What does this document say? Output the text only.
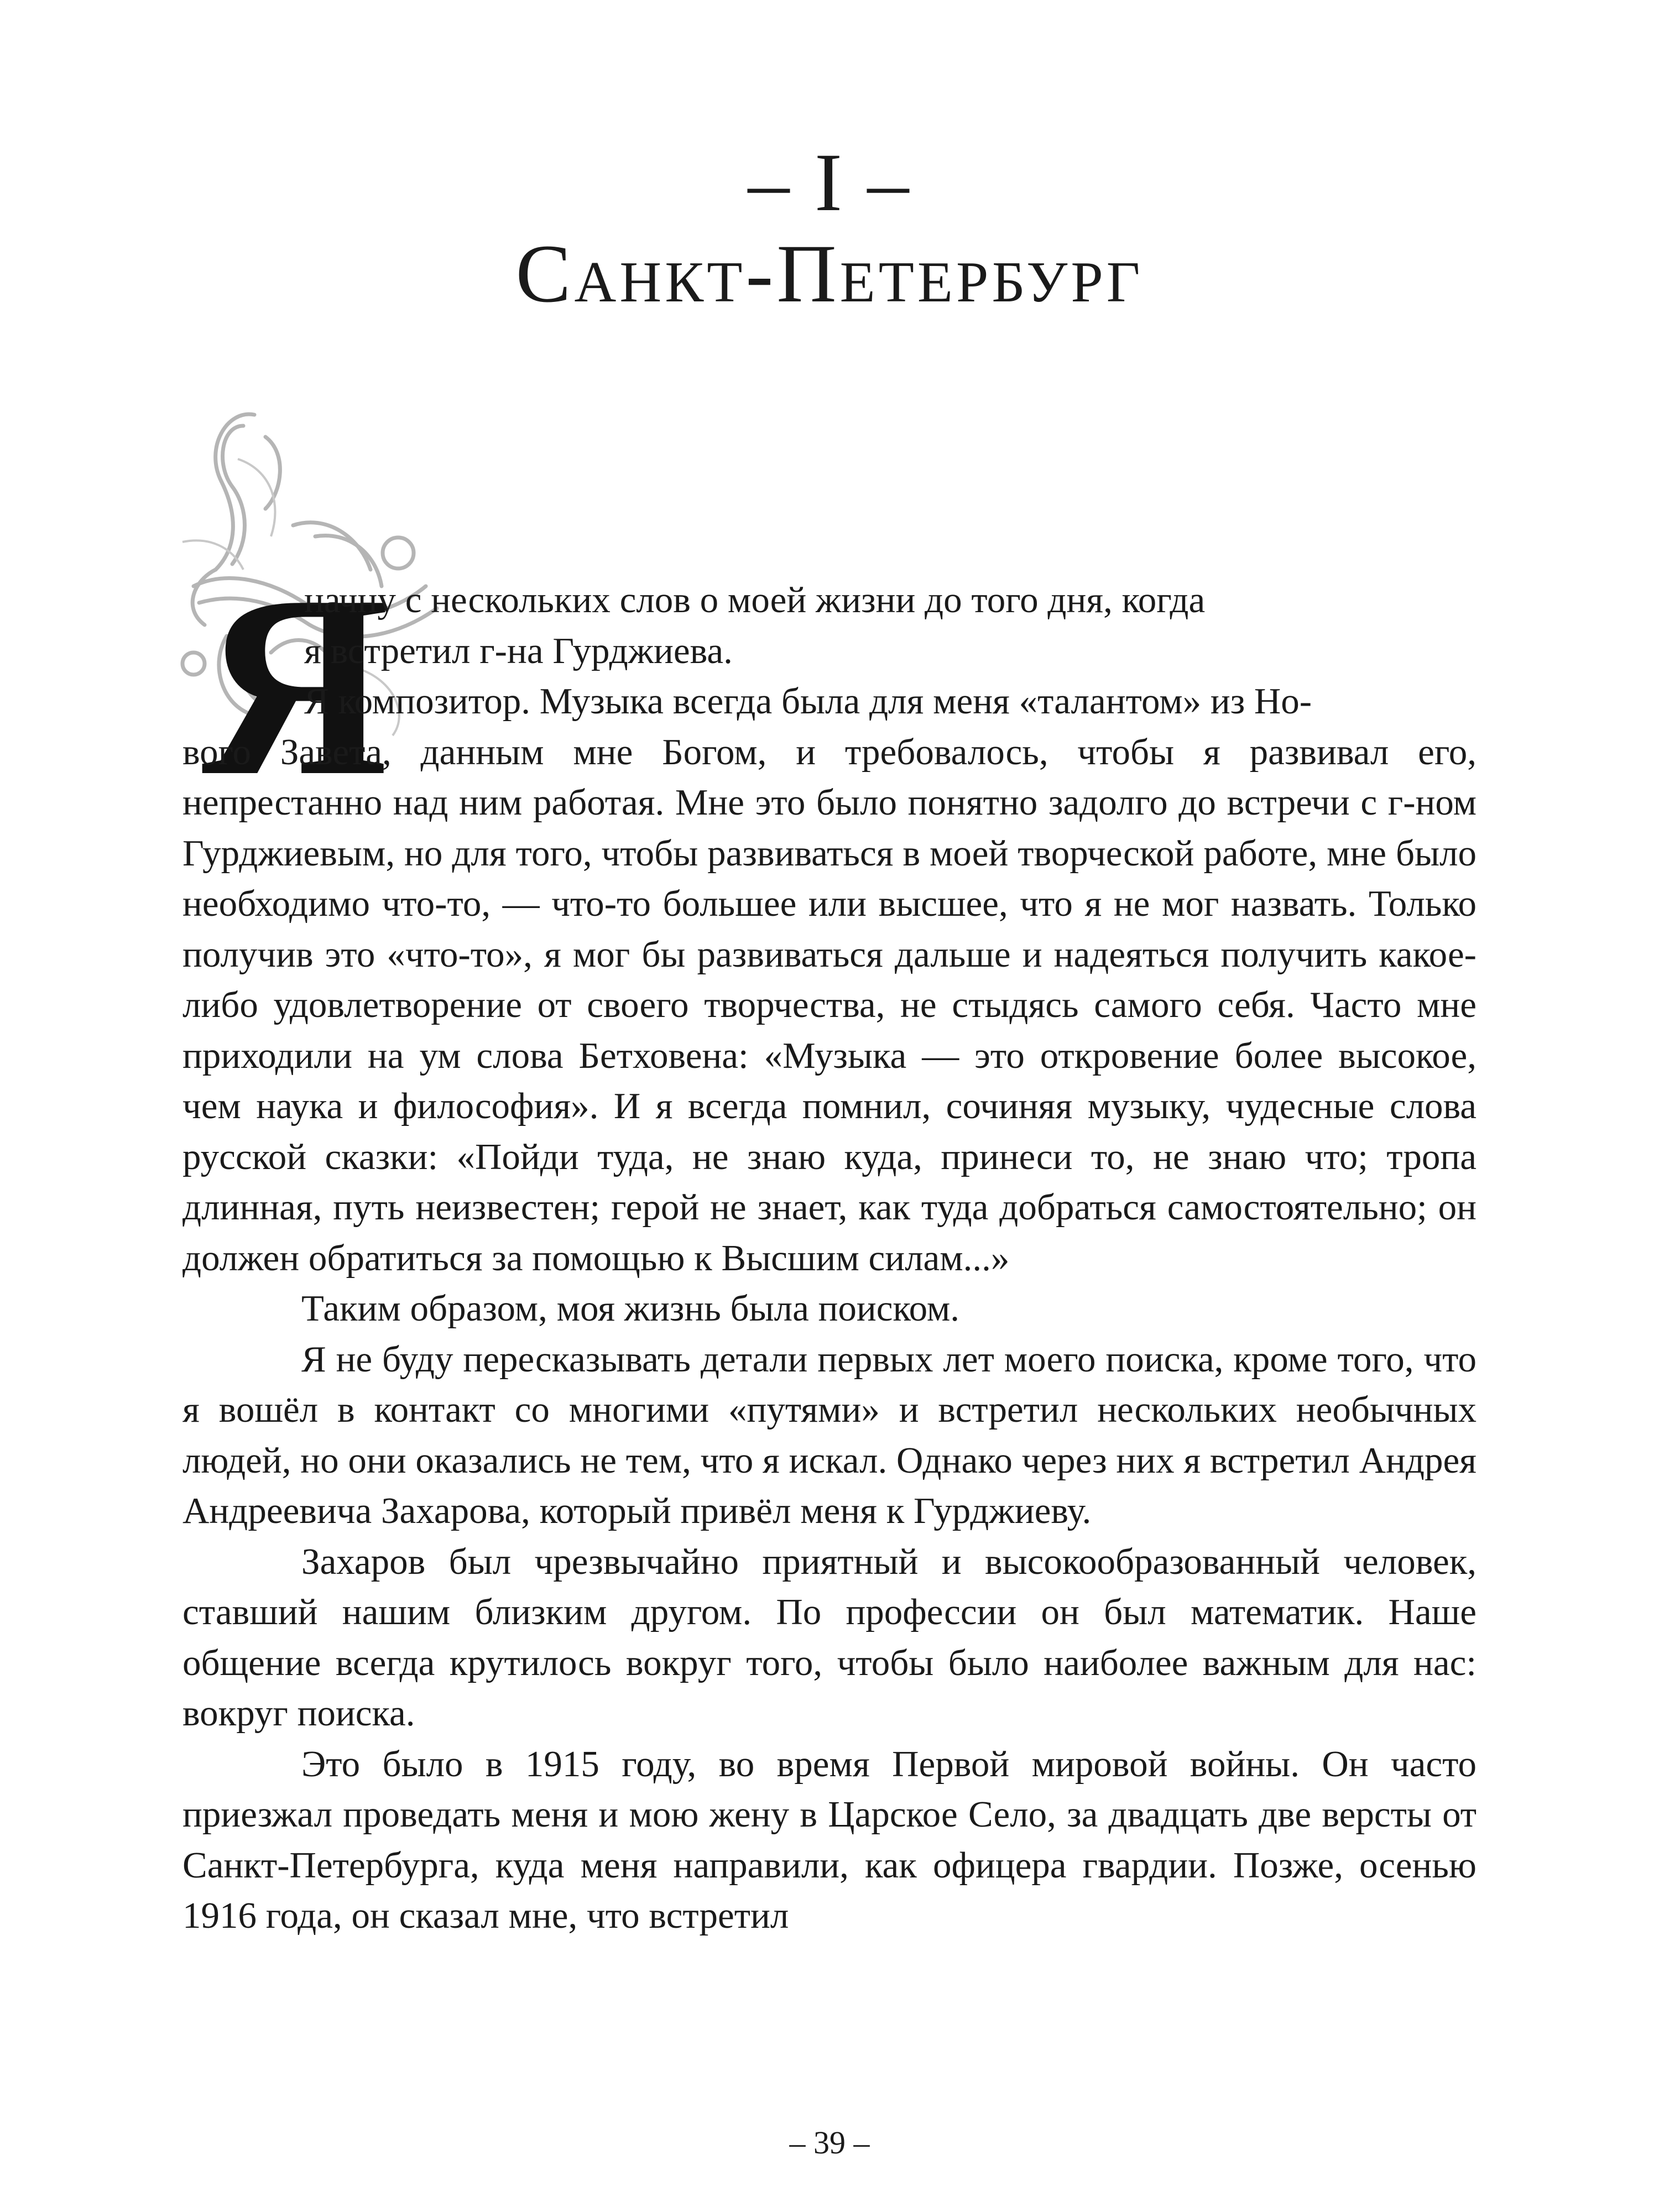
– I –
Санкт-Петербург
Я

начну с нескольких слов о моей жизни до того дня, когда
я встретил г-на Гурджиева.

Я композитор. Музыка всегда была для меня «талантом» из Но-
вого Завета, данным мне Богом, и требовалось, чтобы я развивал его, непрестанно над ним работая. Мне это было понятно задолго до встречи с г-ном Гурджиевым, но для того, чтобы развиваться в моей творческой работе, мне было необходимо что-то, — что-то большее или высшее, что я не мог назвать. Только получив это «что-то», я мог бы развиваться дальше и надеяться получить какое-либо удовлетворение от своего творчества, не стыдясь самого себя. Часто мне приходили на ум слова Бетховена: «Музыка — это откровение более высокое, чем наука и философия». И я всегда помнил, сочиняя музыку, чудесные слова русской сказки: «Пойди туда, не знаю куда, принеси то, не знаю что; тропа длинная, путь неизвестен; герой не знает, как туда добраться самостоятельно; он должен обратиться за помощью к Высшим силам...»

Таким образом, моя жизнь была поиском.

Я не буду пересказывать детали первых лет моего поиска, кроме того, что я вошёл в контакт со многими «путями» и встретил нескольких необычных людей, но они оказались не тем, что я искал. Однако через них я встретил Андрея Андреевича Захарова, который привёл меня к Гурджиеву.

Захаров был чрезвычайно приятный и высокообразованный человек, ставший нашим близким другом. По профессии он был математик. Наше общение всегда крутилось вокруг того, чтобы было наиболее важным для нас: вокруг поиска.

Это было в 1915 году, во время Первой мировой войны. Он часто приезжал проведать меня и мою жену в Царское Село, за двадцать две версты от Санкт-Петербурга, куда меня направили, как офицера гвардии. Позже, осенью 1916 года, он сказал мне, что встретил

– 39 –
